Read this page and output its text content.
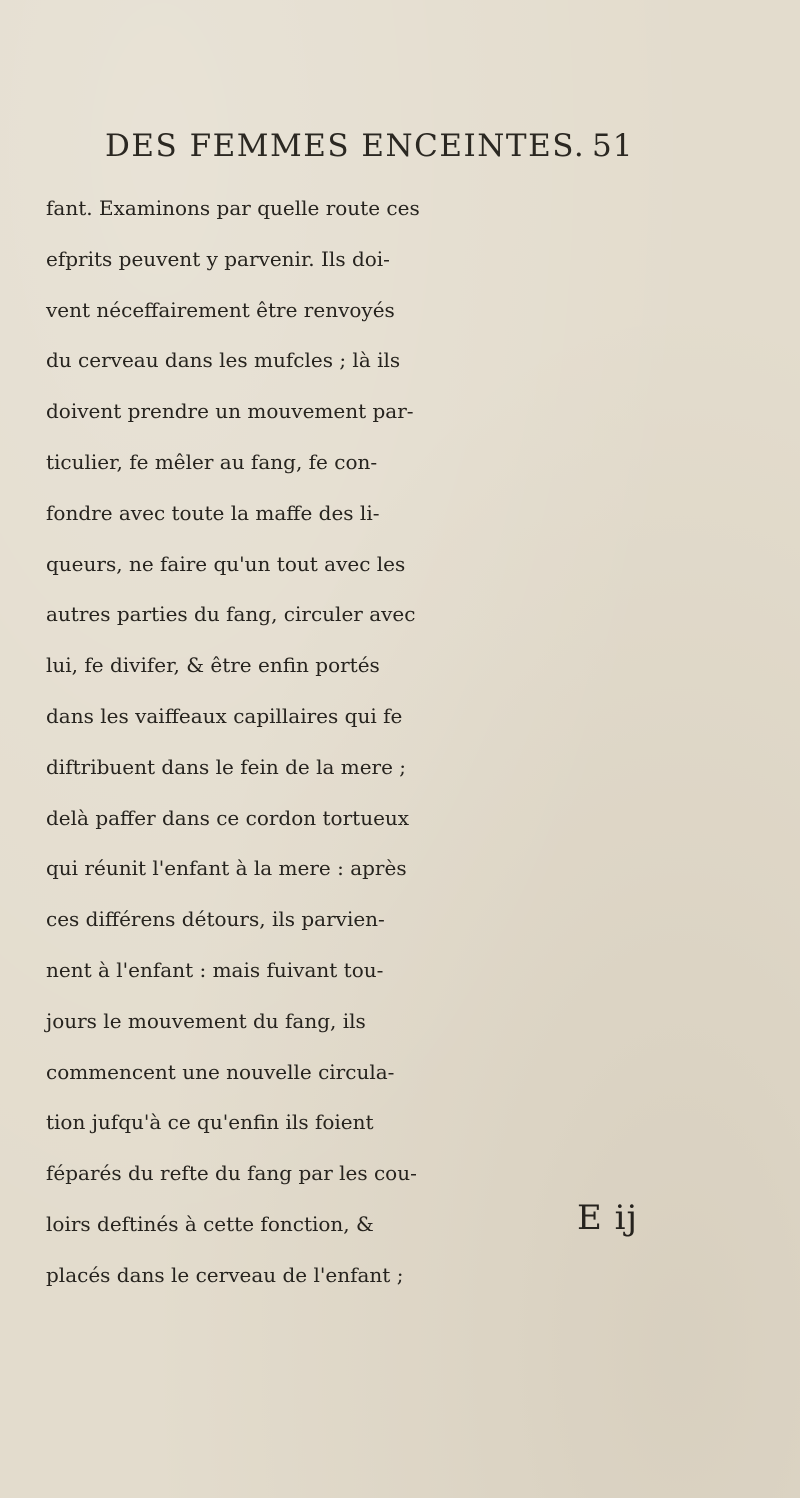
DES FEMMES ENCEINTES. 51
fant. Examinons par quelle route ces
efprits peuvent y parvenir. Ils doi-
vent néceffairement être renvoyés
du cerveau dans les mufcles ; là ils
doivent prendre un mouvement par-
ticulier, fe mêler au fang, fe con-
fondre avec toute la maffe des li-
queurs, ne faire qu'un tout avec les
autres parties du fang, circuler avec
lui, fe divifer, & être enfin portés
dans les vaiffeaux capillaires qui fe
diftribuent dans le fein de la mere ;
delà paffer dans ce cordon tortueux
qui réunit l'enfant à la mere : après
ces différens détours, ils parvien-
nent à l'enfant : mais fuivant tou-
jours le mouvement du fang, ils
commencent une nouvelle circula-
tion jufqu'à ce qu'enfin ils foient
féparés du refte du fang par les cou-
loirs deftinés à cette fonction, &
placés dans le cerveau de l'enfant ;
E ij
